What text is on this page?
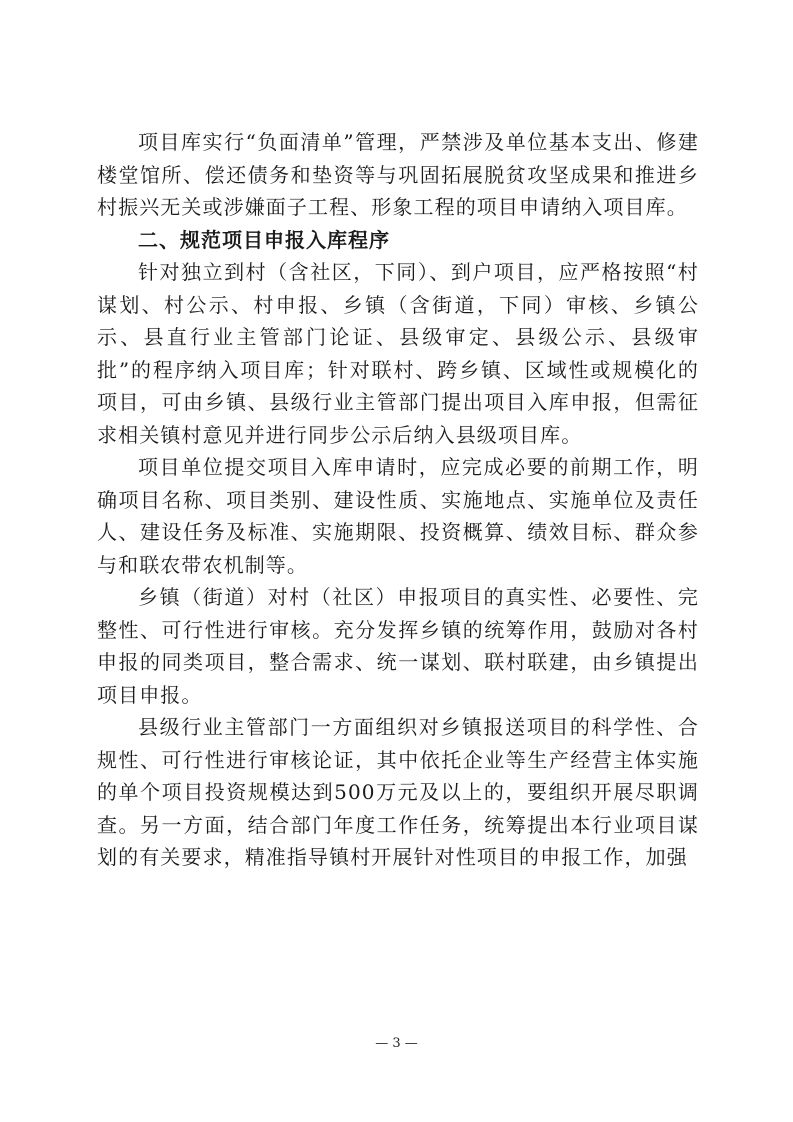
项目库实行“负面清单”管理，严禁涉及单位基本支出、修建楼堂馆所、偿还债务和垫资等与巩固拓展脱贫攻坚成果和推进乡村振兴无关或涉嫌面子工程、形象工程的项目申请纳入项目库。

二、规范项目申报入库程序

针对独立到村（含社区，下同）、到户项目，应严格按照“村谋划、村公示、村申报、乡镇（含街道，下同）审核、乡镇公示、县直行业主管部门论证、县级审定、县级公示、县级审批”的程序纳入项目库；针对联村、跨乡镇、区域性或规模化的项目，可由乡镇、县级行业主管部门提出项目入库申报，但需征求相关镇村意见并进行同步公示后纳入县级项目库。

项目单位提交项目入库申请时，应完成必要的前期工作，明确项目名称、项目类别、建设性质、实施地点、实施单位及责任人、建设任务及标准、实施期限、投资概算、绩效目标、群众参与和联农带农机制等。

乡镇（街道）对村（社区）申报项目的真实性、必要性、完整性、可行性进行审核。充分发挥乡镇的统筹作用，鼓励对各村申报的同类项目，整合需求、统一谋划、联村联建，由乡镇提出项目申报。

县级行业主管部门一方面组织对乡镇报送项目的科学性、合规性、可行性进行审核论证，其中依托企业等生产经营主体实施的单个项目投资规模达到500万元及以上的，要组织开展尽职调查。另一方面，结合部门年度工作任务，统筹提出本行业项目谋划的有关要求，精准指导镇村开展针对性项目的申报工作，加强

— 3 —
